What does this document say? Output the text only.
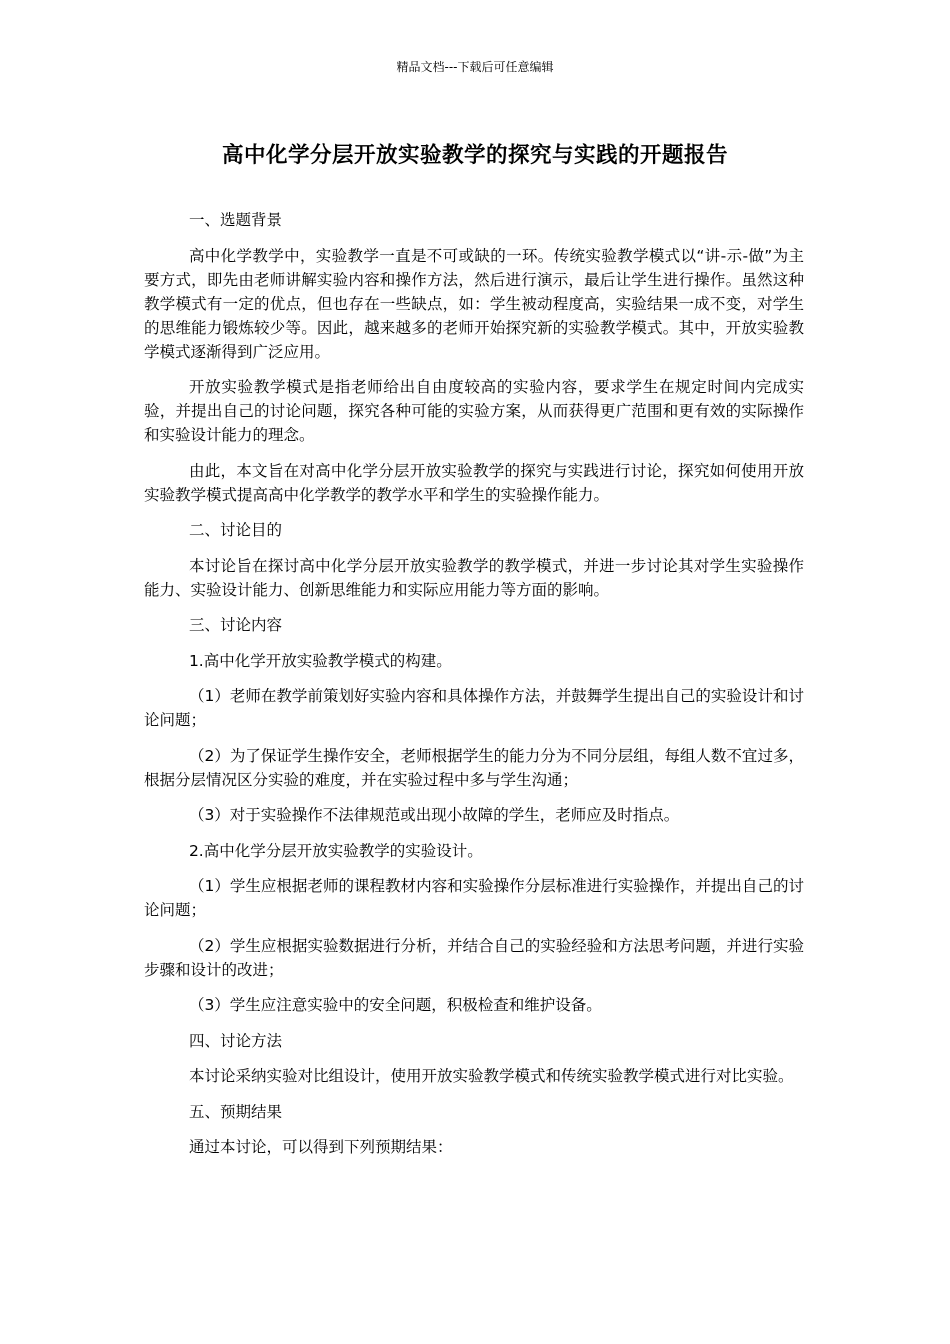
精品文档---下载后可任意编辑
高中化学分层开放实验教学的探究与实践的开题报告

一、选题背景

高中化学教学中，实验教学一直是不可或缺的一环。传统实验教学模式以“讲-示-做”为主要方式，即先由老师讲解实验内容和操作方法，然后进行演示，最后让学生进行操作。虽然这种教学模式有一定的优点，但也存在一些缺点，如：学生被动程度高，实验结果一成不变，对学生的思维能力锻炼较少等。因此，越来越多的老师开始探究新的实验教学模式。其中，开放实验教学模式逐渐得到广泛应用。

开放实验教学模式是指老师给出自由度较高的实验内容，要求学生在规定时间内完成实验，并提出自己的讨论问题，探究各种可能的实验方案，从而获得更广范围和更有效的实际操作和实验设计能力的理念。

由此，本文旨在对高中化学分层开放实验教学的探究与实践进行讨论，探究如何使用开放实验教学模式提高高中化学教学的教学水平和学生的实验操作能力。

二、讨论目的

本讨论旨在探讨高中化学分层开放实验教学的教学模式，并进一步讨论其对学生实验操作能力、实验设计能力、创新思维能力和实际应用能力等方面的影响。

三、讨论内容

1.高中化学开放实验教学模式的构建。

（1）老师在教学前策划好实验内容和具体操作方法，并鼓舞学生提出自己的实验设计和讨论问题；

（2）为了保证学生操作安全，老师根据学生的能力分为不同分层组，每组人数不宜过多，根据分层情况区分实验的难度，并在实验过程中多与学生沟通；

（3）对于实验操作不法律规范或出现小故障的学生，老师应及时指点。

2.高中化学分层开放实验教学的实验设计。

（1）学生应根据老师的课程教材内容和实验操作分层标准进行实验操作，并提出自己的讨论问题；

（2）学生应根据实验数据进行分析，并结合自己的实验经验和方法思考问题，并进行实验步骤和设计的改进；

（3）学生应注意实验中的安全问题，积极检查和维护设备。

四、讨论方法

本讨论采纳实验对比组设计，使用开放实验教学模式和传统实验教学模式进行对比实验。

五、预期结果

通过本讨论，可以得到下列预期结果：
